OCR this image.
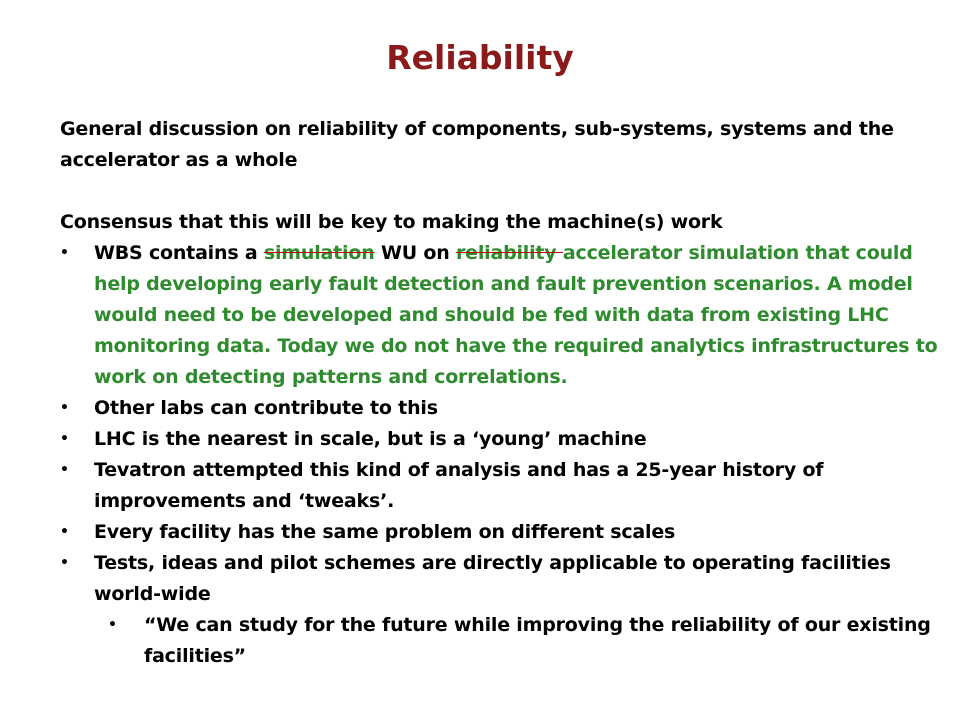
Reliability

General discussion on reliability of components, sub-systems, systems and the accelerator as a whole

Consensus that this will be key to making the machine(s) work

• WBS contains a simulation WU on reliability accelerator simulation that could help developing early fault detection and fault prevention scenarios. A model would need to be developed and should be fed with data from existing LHC monitoring data. Today we do not have the required analytics infrastructures to work on detecting patterns and correlations.
• Other labs can contribute to this
• LHC is the nearest in scale, but is a ‘young’ machine
• Tevatron attempted this kind of analysis and has a 25-year history of improvements and ‘tweaks’.
• Every facility has the same problem on different scales
• Tests, ideas and pilot schemes are directly applicable to operating facilities world-wide
• “We can study for the future while improving the reliability of our existing facilities”
